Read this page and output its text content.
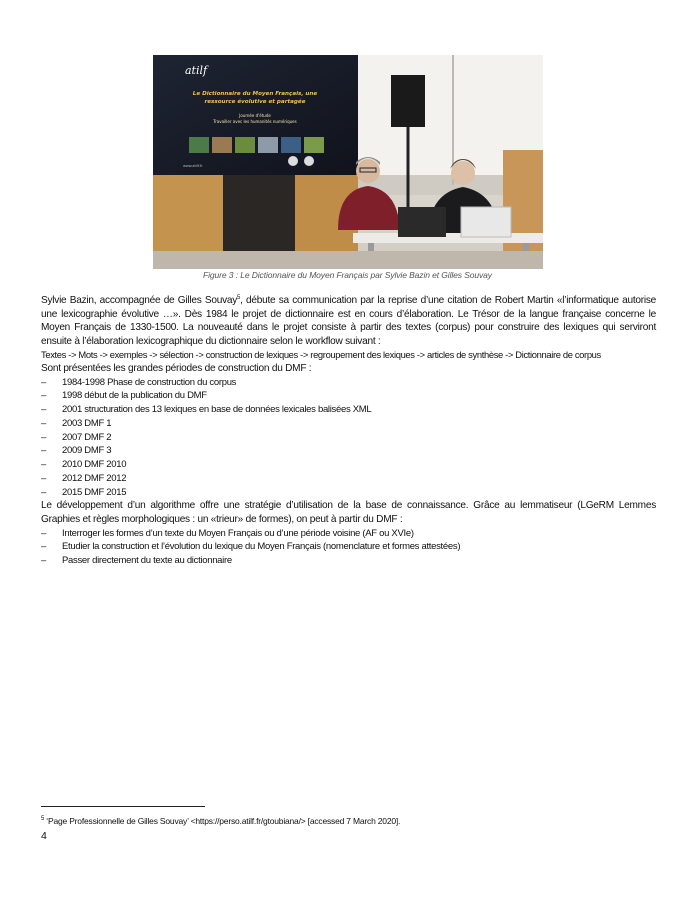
atilf
Le Dictionnaire du Moyen Français, une
ressource évolutive et partagée
Journée d'étude
Travailler avec les humanités numériques
www.atilf.fr
Figure 3 : Le Dictionnaire du Moyen Français par Sylvie Bazin et Gilles Souvay

Sylvie Bazin, accompagnée de Gilles Souvay$^5$, débute sa communication par la reprise d’une citation de Robert Martin «l’informatique autorise une lexicographie évolutive …». Dès 1984 le projet de dictionnaire est en cours d’élaboration. Le Trésor de la langue française concerne le Moyen Français de 1330-1500. La nouveauté dans le projet consiste à partir des textes (corpus) pour construire des lexiques qui serviront ensuite à l’élaboration lexicographique du dictionnaire selon le workflow suivant :

Textes -> Mots -> exemples -> sélection -> construction de lexiques -> regroupement des lexiques -> articles de synthèse -> Dictionnaire de corpus

Sont présentées les grandes périodes de construction du DMF :

– 1984-1998 Phase de construction du corpus
– 1998 début de la publication du DMF
– 2001 structuration des 13 lexiques en base de données lexicales balisées XML
– 2003 DMF 1
– 2007 DMF 2
– 2009 DMF 3
– 2010 DMF 2010
– 2012 DMF 2012
– 2015 DMF 2015

Le développement d’un algorithme offre une stratégie d’utilisation de la base de connaissance. Grâce au lemmatiseur (LGeRM Lemmes Graphies et règles morphologiques : un «trieur» de formes), on peut à partir du DMF :

– Interroger les formes d’un texte du Moyen Français ou d’une période voisine (AF ou XVIe)
– Etudier la construction et l’évolution du lexique du Moyen Français (nomenclature et formes attestées)
– Passer directement du texte au dictionnaire
$^5$ ‘Page Professionnelle de Gilles Souvay’ <https://perso.atilf.fr/gtoubiana/> [accessed 7 March 2020].
4
